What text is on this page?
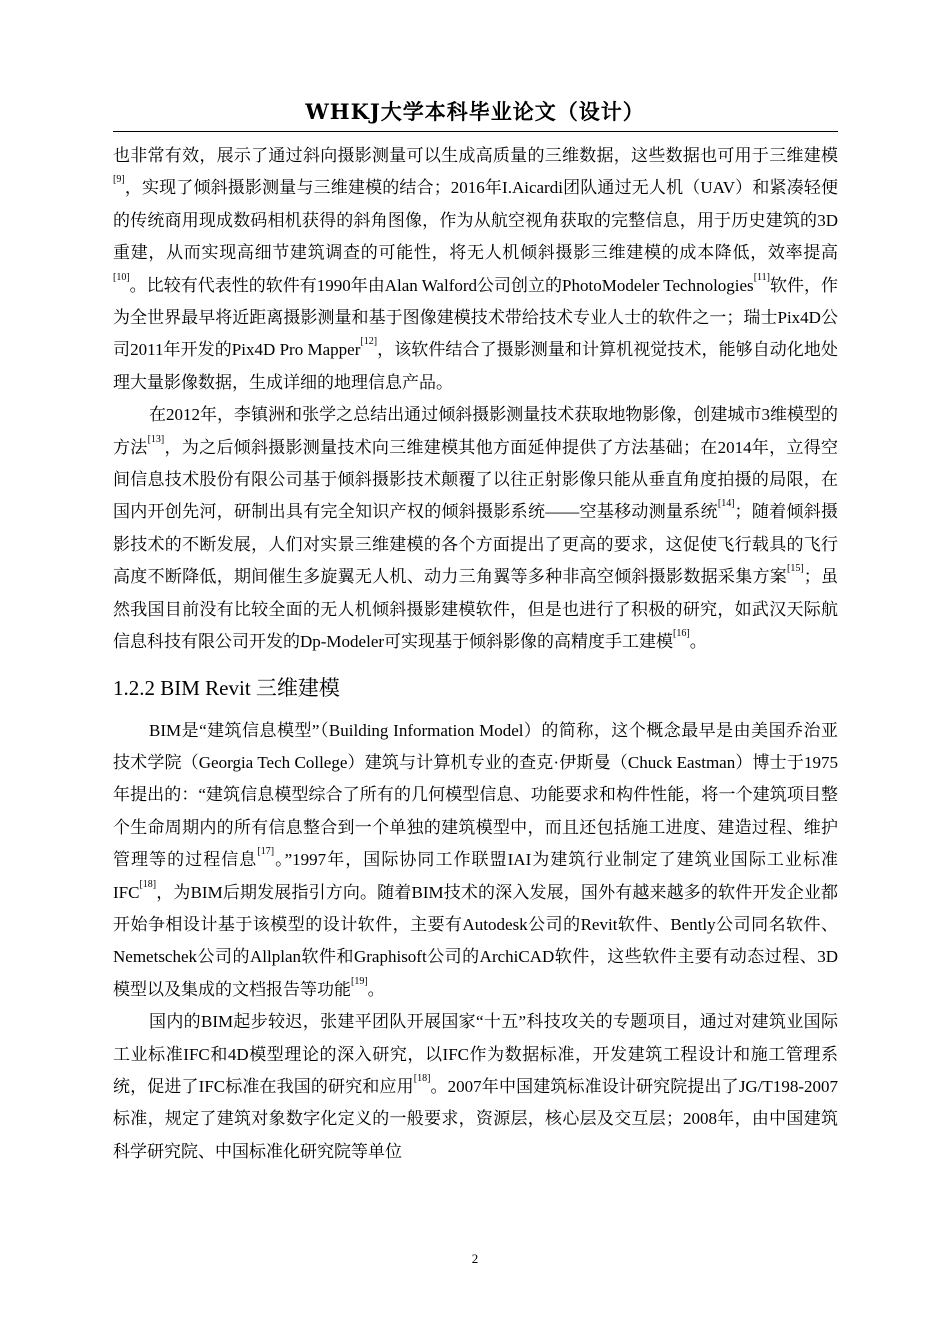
WHKJ大学本科毕业论文（设计）

也非常有效，展示了通过斜向摄影测量可以生成高质量的三维数据，这些数据也可用于三维建模[9]，实现了倾斜摄影测量与三维建模的结合；2016年I.Aicardi团队通过无人机（UAV）和紧凑轻便的传统商用现成数码相机获得的斜角图像，作为从航空视角获取的完整信息，用于历史建筑的3D重建，从而实现高细节建筑调查的可能性，将无人机倾斜摄影三维建模的成本降低，效率提高[10]。比较有代表性的软件有1990年由Alan Walford公司创立的PhotoModeler Technologies[11]软件，作为全世界最早将近距离摄影测量和基于图像建模技术带给技术专业人士的软件之一；瑞士Pix4D公司2011年开发的Pix4D Pro Mapper[12]，该软件结合了摄影测量和计算机视觉技术，能够自动化地处理大量影像数据，生成详细的地理信息产品。

在2012年，李镇洲和张学之总结出通过倾斜摄影测量技术获取地物影像，创建城市3维模型的方法[13]，为之后倾斜摄影测量技术向三维建模其他方面延伸提供了方法基础；在2014年，立得空间信息技术股份有限公司基于倾斜摄影技术颠覆了以往正射影像只能从垂直角度拍摄的局限，在国内开创先河，研制出具有完全知识产权的倾斜摄影系统——空基移动测量系统[14]；随着倾斜摄影技术的不断发展，人们对实景三维建模的各个方面提出了更高的要求，这促使飞行载具的飞行高度不断降低，期间催生多旋翼无人机、动力三角翼等多种非高空倾斜摄影数据采集方案[15]；虽然我国目前没有比较全面的无人机倾斜摄影建模软件，但是也进行了积极的研究，如武汉天际航信息科技有限公司开发的Dp-Modeler可实现基于倾斜影像的高精度手工建模[16]。

1.2.2 BIM Revit 三维建模

BIM是“建筑信息模型”（Building Information Model）的简称，这个概念最早是由美国乔治亚技术学院（Georgia Tech College）建筑与计算机专业的查克·伊斯曼（Chuck Eastman）博士于1975年提出的：“建筑信息模型综合了所有的几何模型信息、功能要求和构件性能，将一个建筑项目整个生命周期内的所有信息整合到一个单独的建筑模型中，而且还包括施工进度、建造过程、维护管理等的过程信息[17]。”1997年，国际协同工作联盟IAI为建筑行业制定了建筑业国际工业标准IFC[18]，为BIM后期发展指引方向。随着BIM技术的深入发展，国外有越来越多的软件开发企业都开始争相设计基于该模型的设计软件，主要有Autodesk公司的Revit软件、Bently公司同名软件、Nemetschek公司的Allplan软件和Graphisoft公司的ArchiCAD软件，这些软件主要有动态过程、3D模型以及集成的文档报告等功能[19]。

国内的BIM起步较迟，张建平团队开展国家“十五”科技攻关的专题项目，通过对建筑业国际工业标准IFC和4D模型理论的深入研究，以IFC作为数据标准，开发建筑工程设计和施工管理系统，促进了IFC标准在我国的研究和应用[18]。2007年中国建筑标准设计研究院提出了JG/T198-2007标准，规定了建筑对象数字化定义的一般要求，资源层，核心层及交互层；2008年，由中国建筑科学研究院、中国标准化研究院等单位

2
